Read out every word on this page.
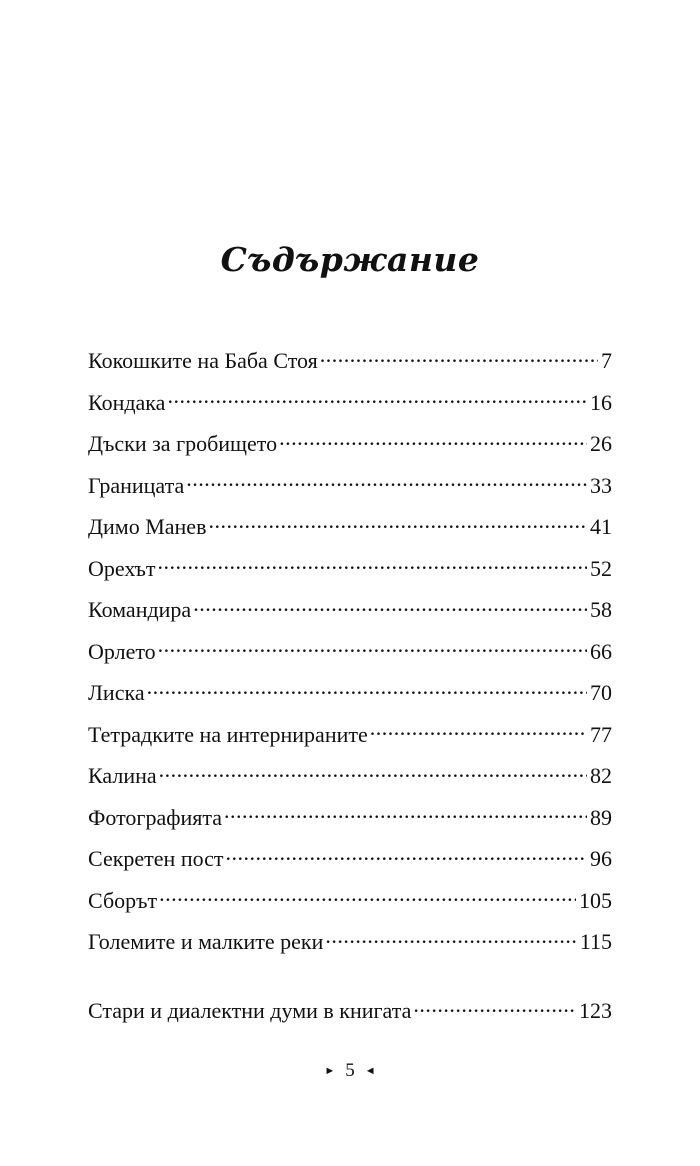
Съдържание
Кокошките на Баба Стоя .....	7
Кондака .....	16
Дъски за гробището .....	26
Границата .....	33
Димо Манев .....	41
Орехът .....	52
Командира .....	58
Орлето .....	66
Лиска .....	70
Тетрадките на интернираните .....	77
Калина .....	82
Фотографията .....	89
Секретен пост .....	96
Сборът .....	105
Големите и малките реки .....	115
Стари и диалектни думи в книгата .....	123
► 5 ◄
